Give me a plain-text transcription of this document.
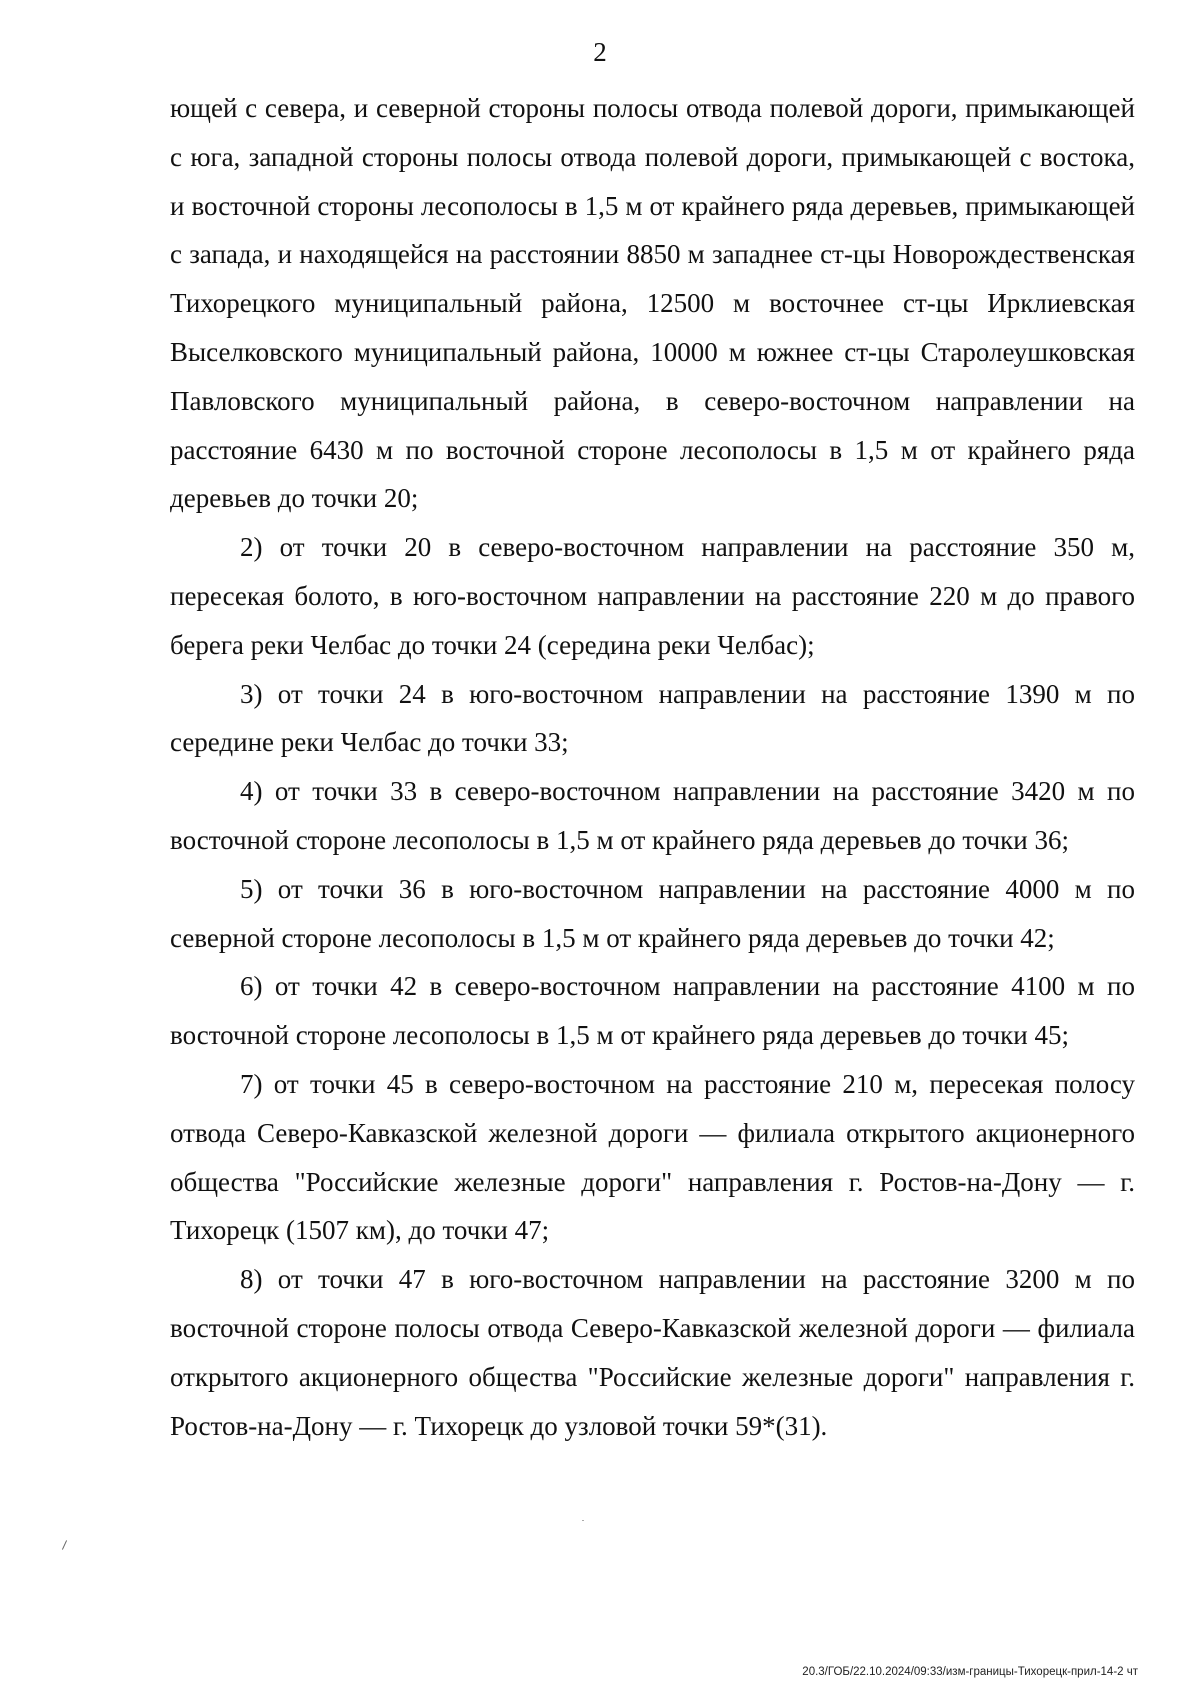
2

ющей с севера, и северной стороны полосы отвода полевой дороги, примыкающей с юга, западной стороны полосы отвода полевой дороги, примыкающей с востока, и восточной стороны лесополосы в 1,5 м от крайнего ряда деревьев, примыкающей с запада, и находящейся на расстоянии 8850 м западнее ст-цы Новорождественская Тихорецкого муниципальный района, 12500 м восточнее ст-цы Ирклиевская Выселковского муниципальный района, 10000 м южнее ст-цы Старолеушковская Павловского муниципальный района, в северо-восточном направлении на расстояние 6430 м по восточной стороне лесополосы в 1,5 м от крайнего ряда деревьев до точки 20;

2) от точки 20 в северо-восточном направлении на расстояние 350 м, пересекая болото, в юго-восточном направлении на расстояние 220 м до правого берега реки Челбас до точки 24 (середина реки Челбас);

3) от точки 24 в юго-восточном направлении на расстояние 1390 м по середине реки Челбас до точки 33;

4) от точки 33 в северо-восточном направлении на расстояние 3420 м по восточной стороне лесополосы в 1,5 м от крайнего ряда деревьев до точки 36;

5) от точки 36 в юго-восточном направлении на расстояние 4000 м по северной стороне лесополосы в 1,5 м от крайнего ряда деревьев до точки 42;

6) от точки 42 в северо-восточном направлении на расстояние 4100 м по восточной стороне лесополосы в 1,5 м от крайнего ряда деревьев до точки 45;

7) от точки 45 в северо-восточном на расстояние 210 м, пересекая полосу отвода Северо-Кавказской железной дороги — филиала открытого акционерного общества "Российские железные дороги" направления г. Ростов-на-Дону — г. Тихорецк (1507 км), до точки 47;

8) от точки 47 в юго-восточном направлении на расстояние 3200 м по восточной стороне полосы отвода Северо-Кавказской железной дороги — филиала открытого акционерного общества "Российские железные дороги" направления г. Ростов-на-Дону — г. Тихорецк до узловой точки 59*(31).

20.3/ГОБ/22.10.2024/09:33/изм-границы-Тихорецк-прил-14-2 чт
